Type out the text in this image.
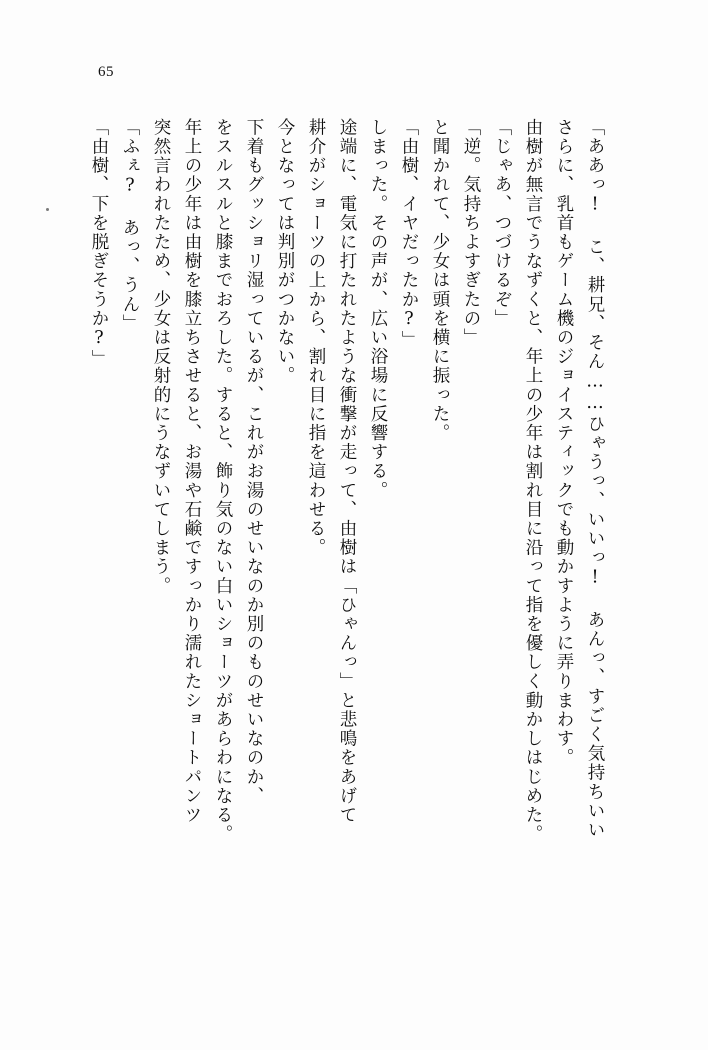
65
「由樹、下を脱ぎそうか?」 「ふぇ? あっ、うん」 突然言われたため、少女は反射的にうなずいてしまう。 年上の少年は由樹を膝立ちさせると、お湯や石鹸ですっかり濡れたショートパンツ をスルスルと膝までおろした。すると、飾り気のない白いショーツがあらわになる。 下着もグッショリ湿っているが、これがお湯のせいなのか別のものせいなのか、 今となっては判別がつかない。 耕介がショーツの上から、割れ目に指を這わせる。 途端に、電気に打たれたような衝撃が走って、由樹は「ひゃんっ」と悲鳴をあげて しまった。その声が、広い浴場に反響する。 「由樹、イヤだったか?」 と聞かれて、少女は頭を横に振った。 「逆。気持ちよすぎたの」 「じゃあ、つづけるぞ」 由樹が無言でうなずくと、年上の少年は割れ目に沿って指を優しく動かしはじめた。 さらに、乳首もゲーム機のジョイスティックでも動かすように弄りまわす。 「ああっ! こ、耕兄、そん……ひゃうっ、いいっ! あんっ、すごく気持ちいい
